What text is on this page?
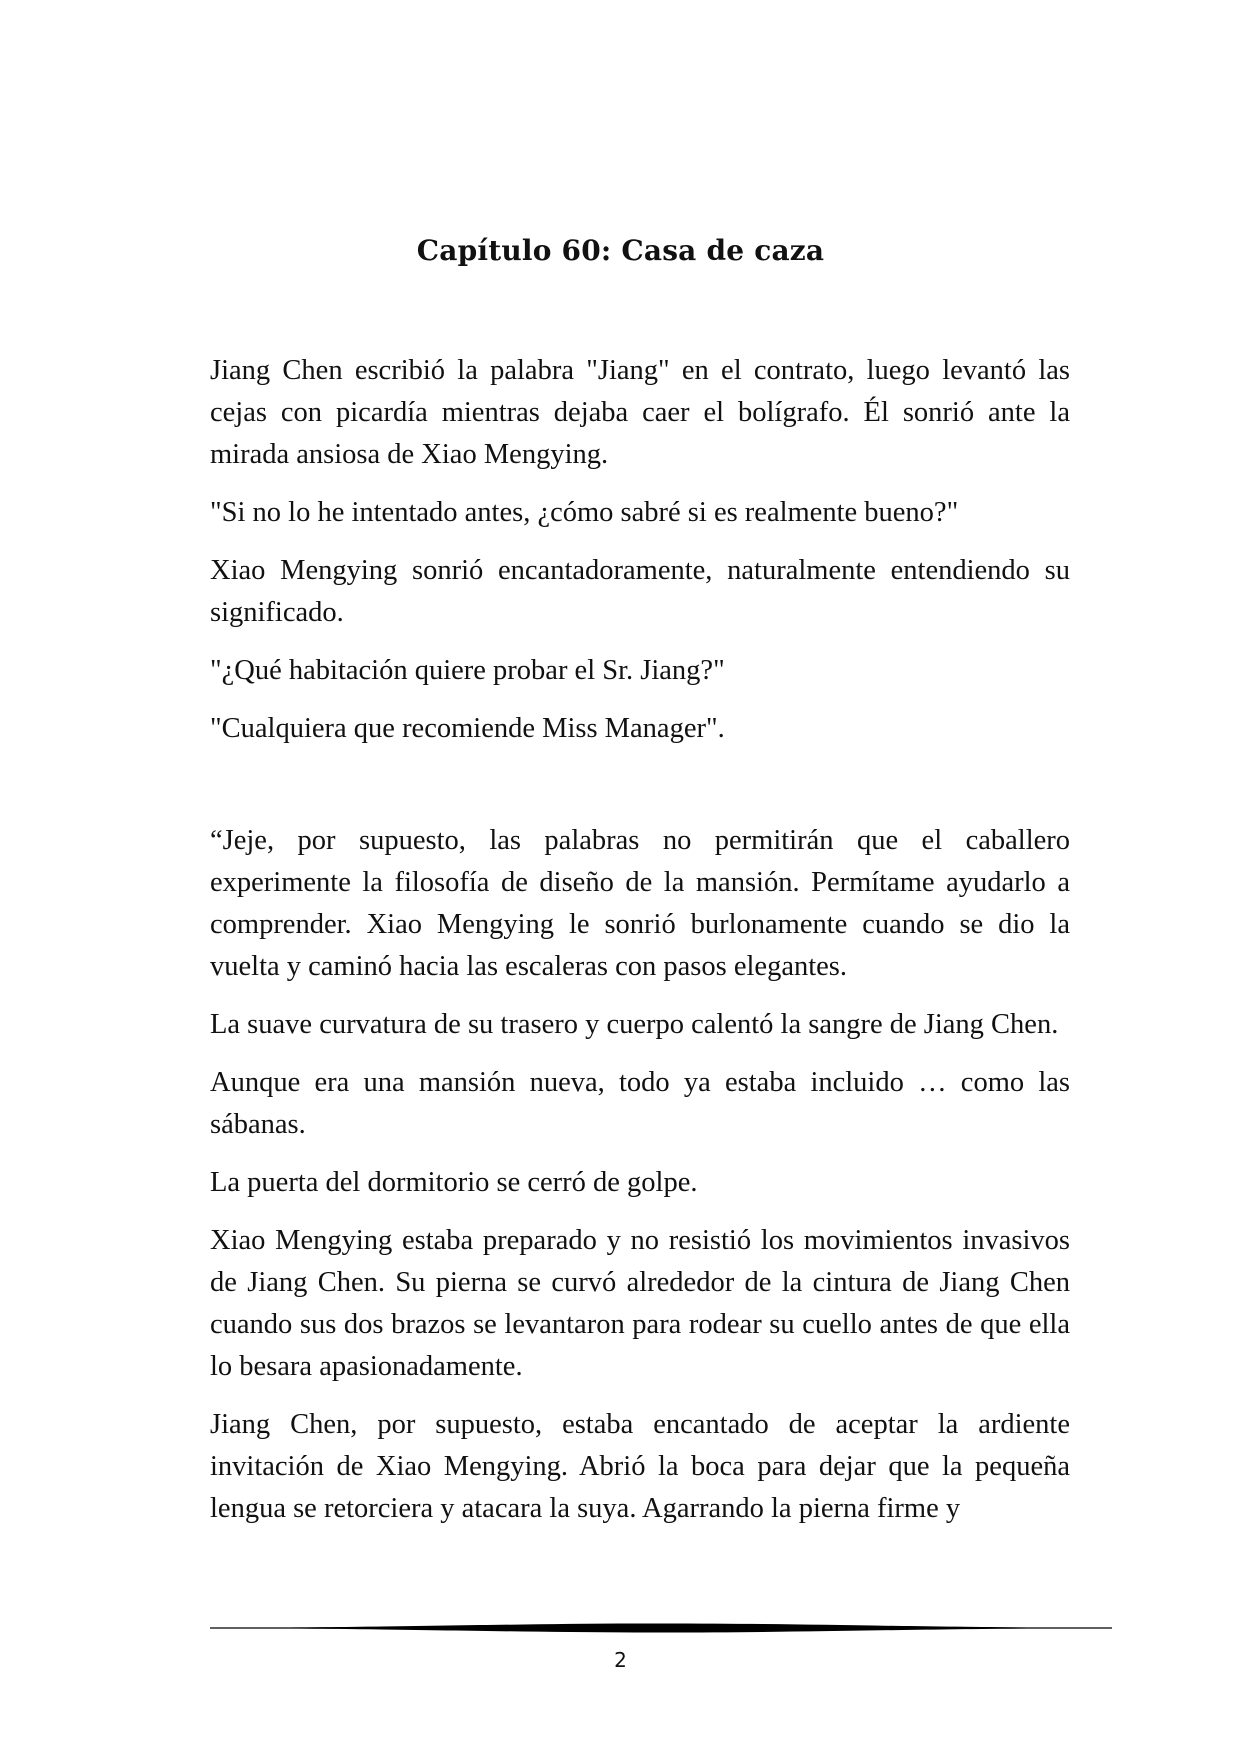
Capítulo 60: Casa de caza

Jiang Chen escribió la palabra "Jiang" en el contrato, luego levantó las cejas con picardía mientras dejaba caer el bolígrafo. Él sonrió ante la mirada ansiosa de Xiao Mengying.

"Si no lo he intentado antes, ¿cómo sabré si es realmente bueno?"

Xiao Mengying sonrió encantadoramente, naturalmente entendiendo su significado.

"¿Qué habitación quiere probar el Sr. Jiang?"

"Cualquiera que recomiende Miss Manager".

“Jeje, por supuesto, las palabras no permitirán que el caballero experimente la filosofía de diseño de la mansión. Permítame ayudarlo a comprender. Xiao Mengying le sonrió burlonamente cuando se dio la vuelta y caminó hacia las escaleras con pasos elegantes.

La suave curvatura de su trasero y cuerpo calentó la sangre de Jiang Chen.

Aunque era una mansión nueva, todo ya estaba incluido … como las sábanas.

La puerta del dormitorio se cerró de golpe.

Xiao Mengying estaba preparado y no resistió los movimientos invasivos de Jiang Chen. Su pierna se curvó alrededor de la cintura de Jiang Chen cuando sus dos brazos se levantaron para rodear su cuello antes de que ella lo besara apasionadamente.

Jiang Chen, por supuesto, estaba encantado de aceptar la ardiente invitación de Xiao Mengying. Abrió la boca para dejar que la pequeña lengua se retorciera y atacara la suya. Agarrando la pierna firme y

2
